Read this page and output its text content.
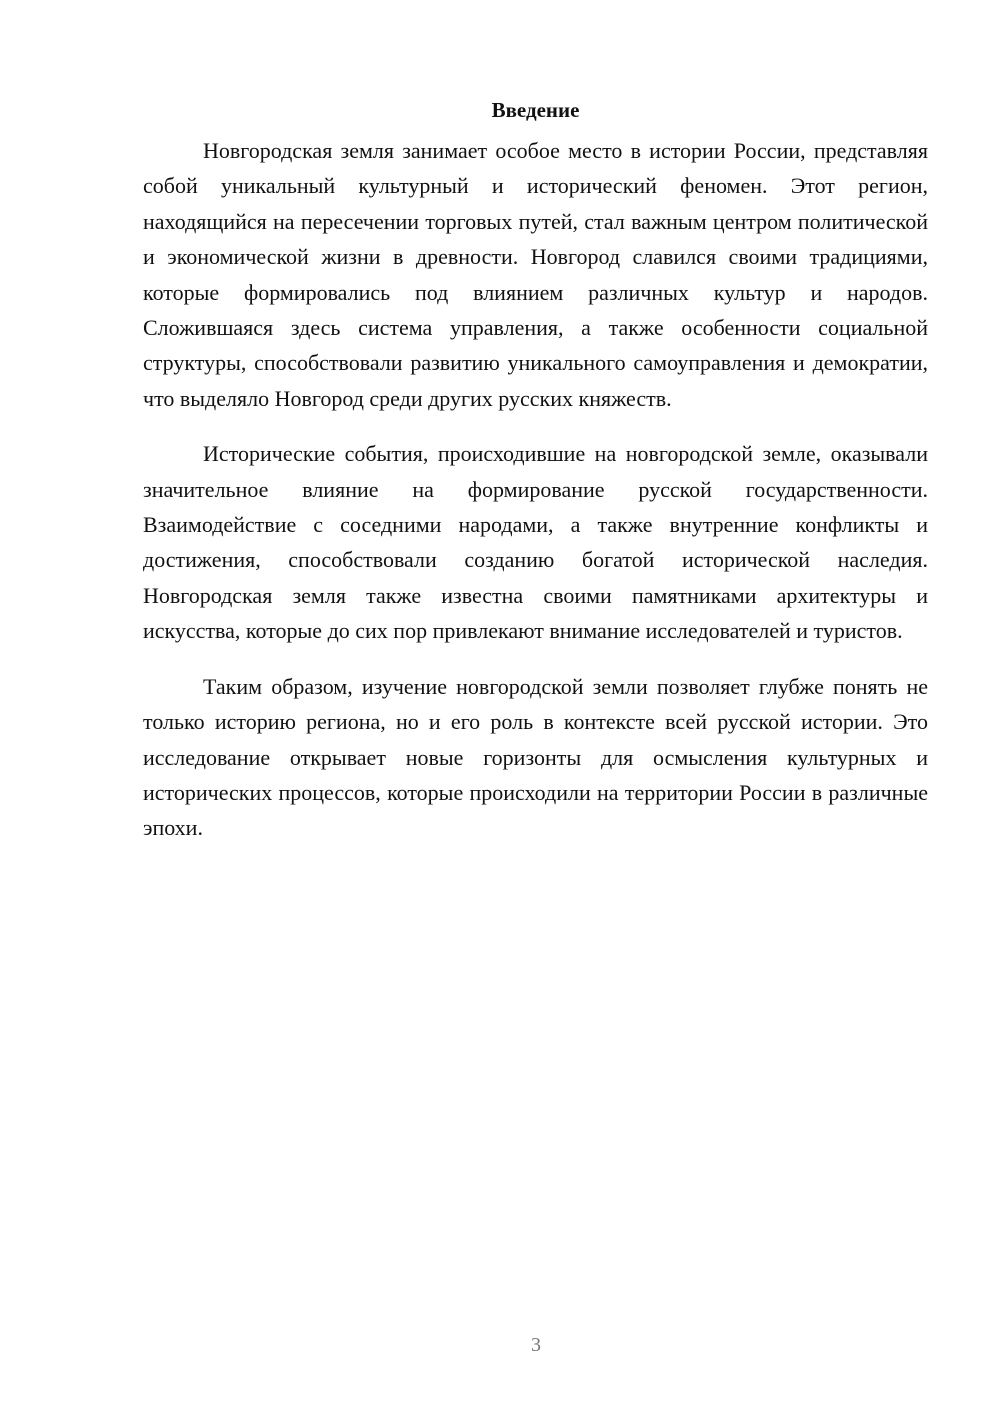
Введение

Новгородская земля занимает особое место в истории России, представляя собой уникальный культурный и исторический феномен. Этот регион, находящийся на пересечении торговых путей, стал важным центром политической и экономической жизни в древности. Новгород славился своими традициями, которые формировались под влиянием различных культур и народов. Сложившаяся здесь система управления, а также особенности социальной структуры, способствовали развитию уникального самоуправления и демократии, что выделяло Новгород среди других русских княжеств.

Исторические события, происходившие на новгородской земле, оказывали значительное влияние на формирование русской государственности. Взаимодействие с соседними народами, а также внутренние конфликты и достижения, способствовали созданию богатой исторической наследия. Новгородская земля также известна своими памятниками архитектуры и искусства, которые до сих пор привлекают внимание исследователей и туристов.

Таким образом, изучение новгородской земли позволяет глубже понять не только историю региона, но и его роль в контексте всей русской истории. Это исследование открывает новые горизонты для осмысления культурных и исторических процессов, которые происходили на территории России в различные эпохи.

3
